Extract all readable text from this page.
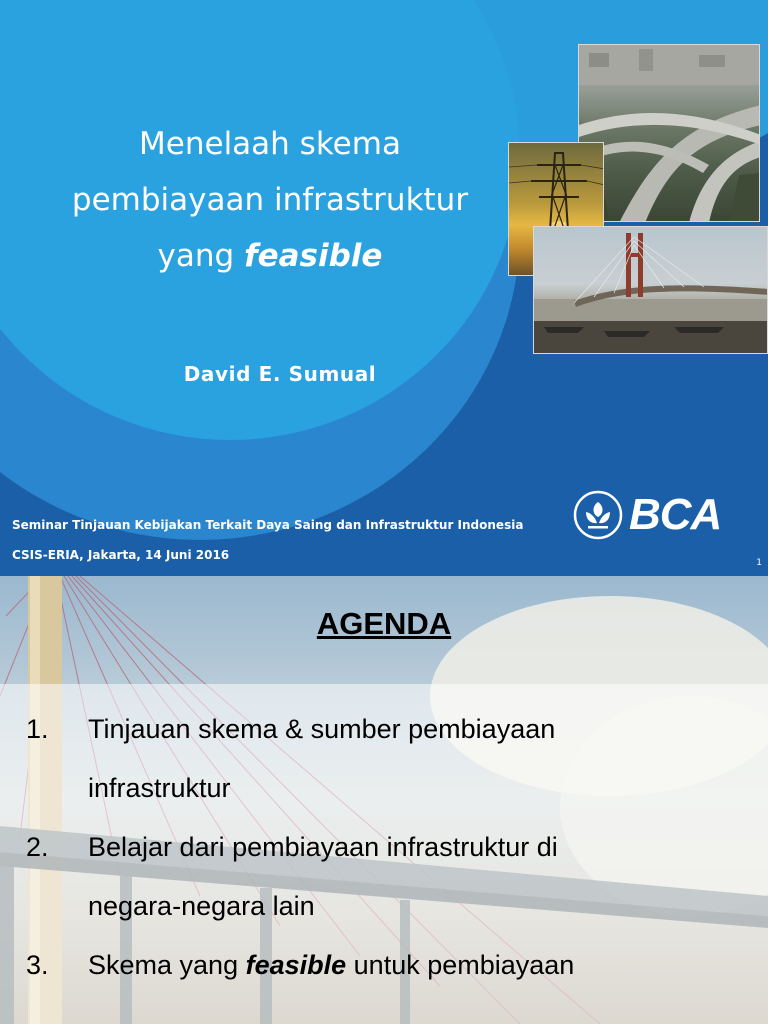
Menelaah skema
pembiayaan infrastruktur
yang feasible
David E. Sumual
Seminar Tinjauan Kebijakan Terkait Daya Saing dan Infrastruktur Indonesia
CSIS-ERIA, Jakarta, 14 Juni 2016
BCA
1
AGENDA
1. Tinjauan skema & sumber pembiayaan
infrastruktur
2. Belajar dari pembiayaan infrastruktur di
negara-negara lain
3. Skema yang feasible untuk pembiayaan
